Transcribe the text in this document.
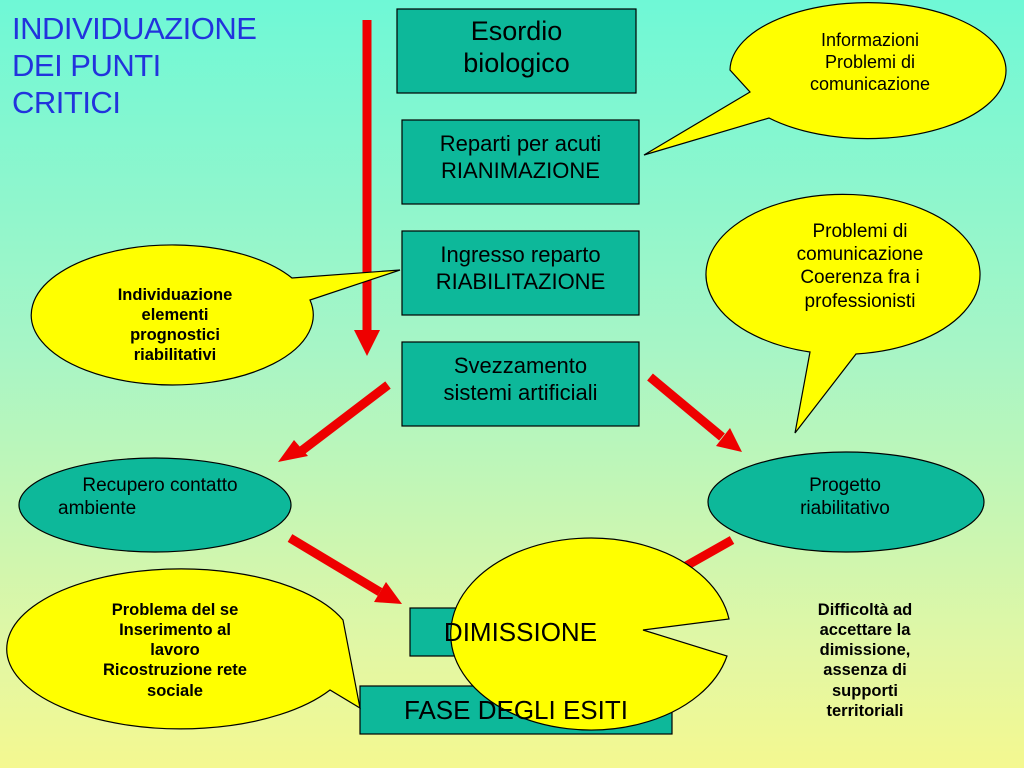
INDIVIDUAZIONE
DEI PUNTI
CRITICI
Esordio
biologico
Reparti per acuti
RIANIMAZIONE
Ingresso reparto
RIABILITAZIONE
Svezzamento
sistemi artificiali
Recupero contatto
ambiente
Progetto
riabilitativo
DIMISSIONE
FASE DEGLI ESITI
Informazioni
Problemi di
comunicazione
Problemi di
comunicazione
Coerenza fra i
professionisti
Individuazione
elementi
prognostici
riabilitativi
Problema del se
Inserimento al
lavoro
Ricostruzione rete
sociale
Difficoltà ad
accettare la
dimissione,
assenza di
supporti
territoriali
